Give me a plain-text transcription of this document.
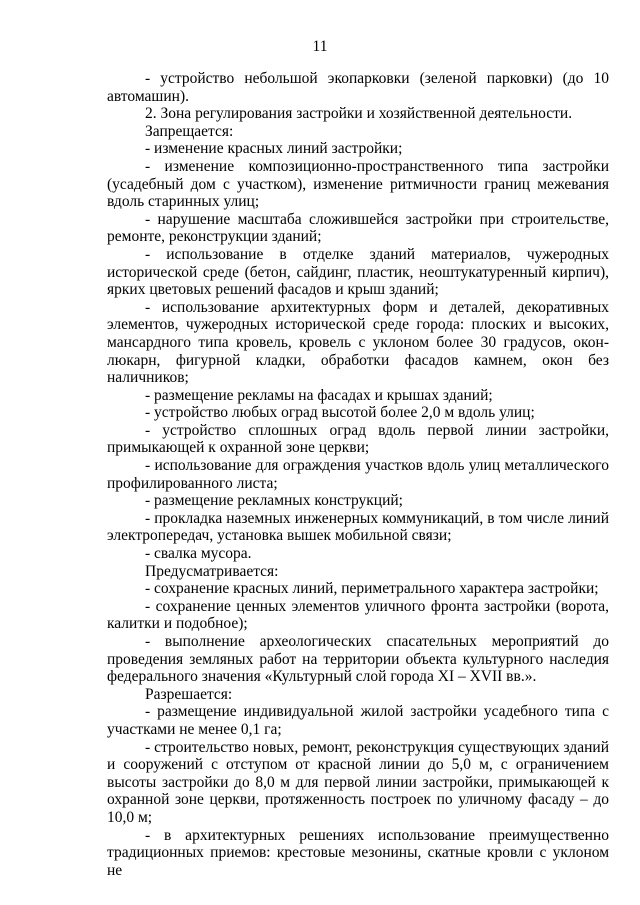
11

- устройство небольшой экопарковки (зеленой парковки) (до 10 автомашин).

2. Зона регулирования застройки и хозяйственной деятельности.

Запрещается:

- изменение красных линий застройки;

- изменение композиционно-пространственного типа застройки (усадебный дом с участком), изменение ритмичности границ межевания вдоль старинных улиц;

- нарушение масштаба сложившейся застройки при строительстве, ремонте, реконструкции зданий;

- использование в отделке зданий материалов, чужеродных исторической среде (бетон, сайдинг, пластик, неоштукатуренный кирпич), ярких цветовых решений фасадов и крыш зданий;

- использование архитектурных форм и деталей, декоративных элементов, чужеродных исторической среде города: плоских и высоких, мансардного типа кровель, кровель с уклоном более 30 градусов, окон-люкарн, фигурной кладки, обработки фасадов камнем, окон без наличников;

- размещение рекламы на фасадах и крышах зданий;

- устройство любых оград высотой более 2,0 м вдоль улиц;

- устройство сплошных оград вдоль первой линии застройки, примыкающей к охранной зоне церкви;

- использование для ограждения участков вдоль улиц металлического профилированного листа;

- размещение рекламных конструкций;

- прокладка наземных инженерных коммуникаций, в том числе линий электропередач, установка вышек мобильной связи;

- свалка мусора.

Предусматривается:

- сохранение красных линий, периметрального характера застройки;

- сохранение ценных элементов уличного фронта застройки (ворота, калитки и подобное);

- выполнение археологических спасательных мероприятий до проведения земляных работ на территории объекта культурного наследия федерального значения «Культурный слой города XI – XVII вв.».

Разрешается:

- размещение индивидуальной жилой застройки усадебного типа с участками не менее 0,1 га;

- строительство новых, ремонт, реконструкция существующих зданий и сооружений с отступом от красной линии до 5,0 м, с ограничением высоты застройки до 8,0 м для первой линии застройки, примыкающей к охранной зоне церкви, протяженность построек по уличному фасаду – до 10,0 м;

- в архитектурных решениях использование преимущественно традиционных приемов: крестовые мезонины, скатные кровли с уклоном не
